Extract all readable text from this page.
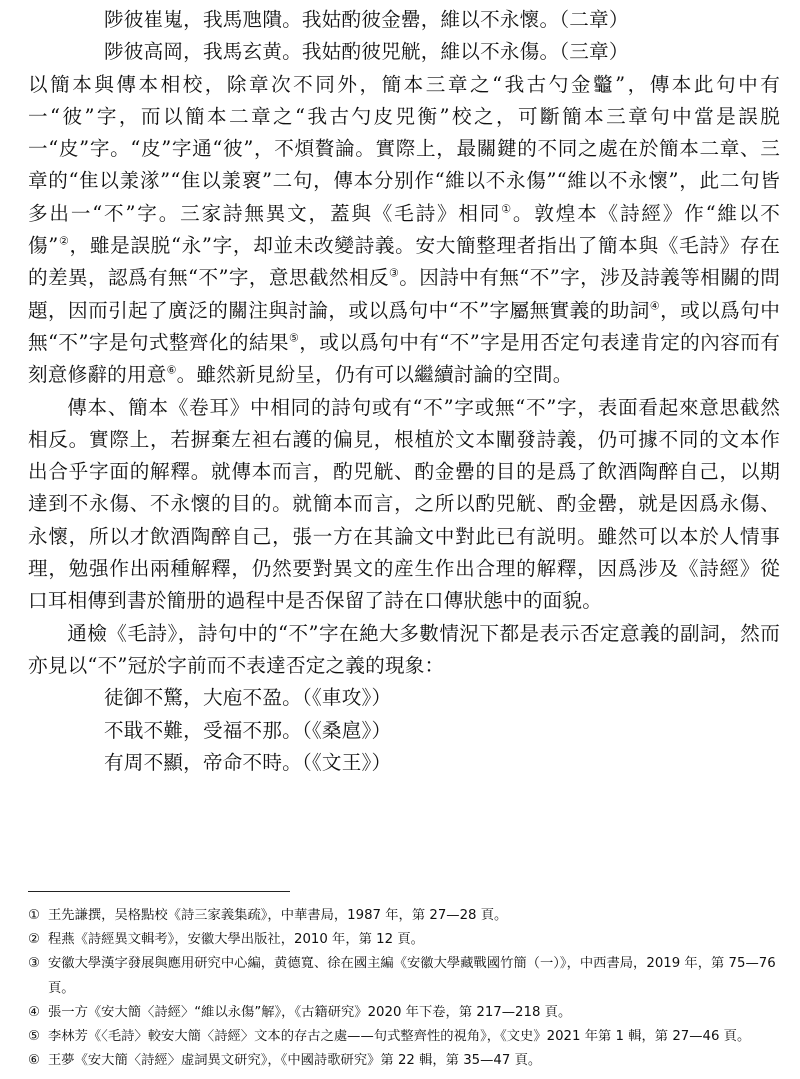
陟彼崔嵬，我馬虺隤。我姑酌彼金罍，維以不永懷。（二章）

陟彼高岡，我馬玄黄。我姑酌彼兕觥，維以不永傷。（三章）

以簡本與傳本相校，除章次不同外，簡本三章之“我古勺金龞”，傳本此句中有一“彼”字，而以簡本二章之“我古勺皮兕衡”校之，可斷簡本三章句中當是誤脱一“皮”字。“皮”字通“彼”，不煩贅論。實際上，最關鍵的不同之處在於簡本二章、三章的“隹以羕㴚”“隹以羕褱”二句，傳本分别作“維以不永傷”“維以不永懷”，此二句皆多出一“不”字。三家詩無異文，蓋與《毛詩》相同①。敦煌本《詩經》作“維以不傷”②，雖是誤脱“永”字，却並未改變詩義。安大簡整理者指出了簡本與《毛詩》存在的差異，認爲有無“不”字，意思截然相反③。因詩中有無“不”字，涉及詩義等相關的問題，因而引起了廣泛的關注與討論，或以爲句中“不”字屬無實義的助詞④，或以爲句中無“不”字是句式整齊化的結果⑤，或以爲句中有“不”字是用否定句表達肯定的內容而有刻意修辭的用意⑥。雖然新見紛呈，仍有可以繼續討論的空間。

傳本、簡本《卷耳》中相同的詩句或有“不”字或無“不”字，表面看起來意思截然相反。實際上，若摒棄左袒右護的偏見，根植於文本闡發詩義，仍可據不同的文本作出合乎字面的解釋。就傳本而言，酌兕觥、酌金罍的目的是爲了飲酒陶醉自己，以期達到不永傷、不永懷的目的。就簡本而言，之所以酌兕觥、酌金罍，就是因爲永傷、永懷，所以才飲酒陶醉自己，張一方在其論文中對此已有説明。雖然可以本於人情事理，勉强作出兩種解釋，仍然要對異文的産生作出合理的解釋，因爲涉及《詩經》從口耳相傳到書於簡册的過程中是否保留了詩在口傳狀態中的面貌。

通檢《毛詩》，詩句中的“不”字在絶大多數情況下都是表示否定意義的副詞，然而亦見以“不”冠於字前而不表達否定之義的現象：

徒御不驚，大庖不盈。（《車攻》）

不戢不難，受福不那。（《桑扈》）

有周不顯，帝命不時。（《文王》）

① 王先謙撰，吴格點校《詩三家義集疏》，中華書局，1987 年，第 27—28 頁。
② 程燕《詩經異文輯考》，安徽大學出版社，2010 年，第 12 頁。
③ 安徽大學漢字發展與應用研究中心編，黄德寬、徐在國主編《安徽大學藏戰國竹簡（一）》，中西書局，2019 年，第 75—76 頁。
④ 張一方《安大簡〈詩經〉“維以永傷”解》，《古籍研究》2020 年下卷，第 217—218 頁。
⑤ 李林芳《〈毛詩〉較安大簡〈詩經〉文本的存古之處——句式整齊性的視角》，《文史》2021 年第 1 輯，第 27—46 頁。
⑥ 王夢《安大簡〈詩經〉虚詞異文研究》，《中國詩歌研究》第 22 輯，第 35—47 頁。
